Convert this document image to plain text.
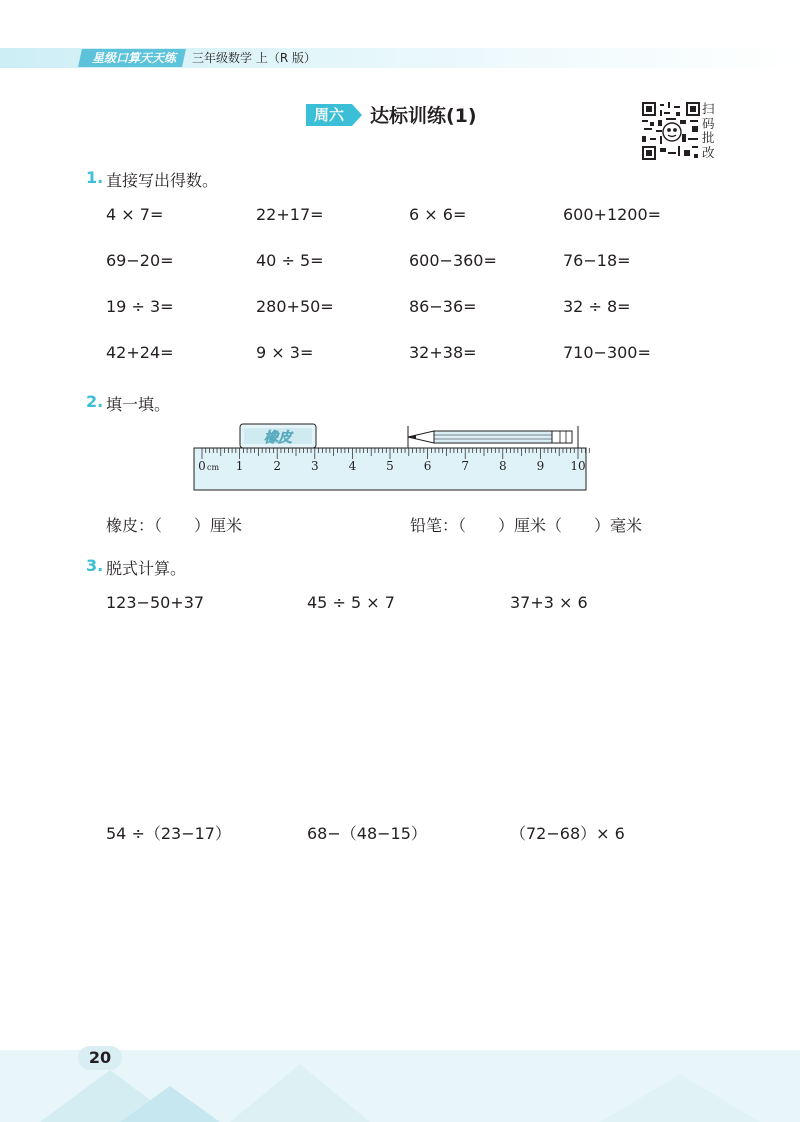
星级口算天天练	三年级数学 上（R 版）
周六	达标训练(1)	扫
码
批
改
1. 直接写出得数。
4 × 7=	22+17=	6 × 6=	600+1200=
69−20=	40 ÷ 5=	600−360=	76−18=
19 ÷ 3=	280+50=	86−36=	32 ÷ 8=
42+24=	9 × 3=	32+38=	710−300=
2. 填一填。
橡皮
0 1 2 3 4 5 6 7 8 9 10
cm
橡皮：（　　）厘米	铅笔：（　　）厘米（　　）毫米
3. 脱式计算。
123−50+37	45 ÷ 5 × 7	37+3 × 6
54 ÷（23−17）	68−（48−15）	（72−68）× 6
20
